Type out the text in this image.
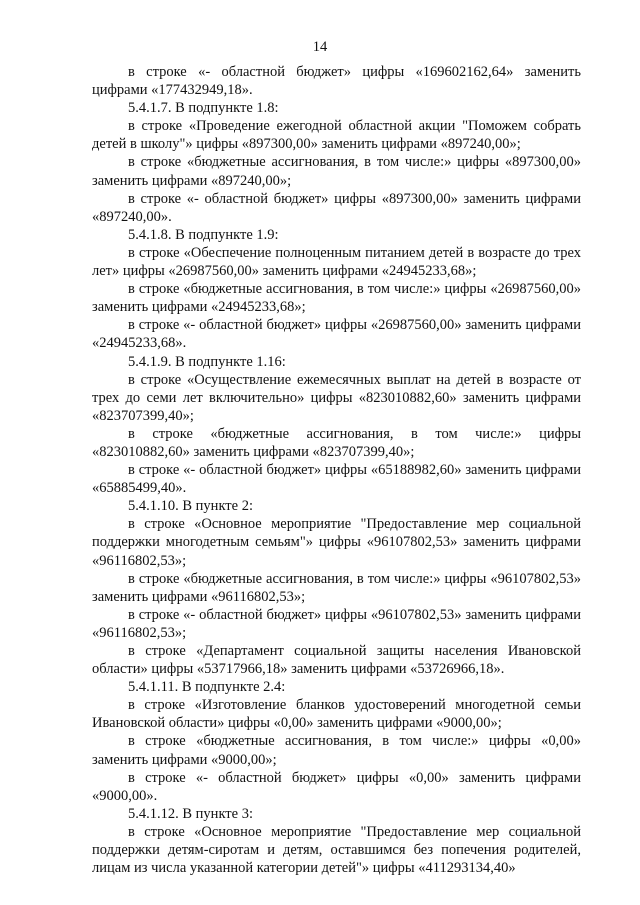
14

в строке «- областной бюджет» цифры «169602162,64» заменить цифрами «177432949,18».

5.4.1.7. В подпункте 1.8:

в строке «Проведение ежегодной областной акции "Поможем собрать детей в школу"» цифры «897300,00» заменить цифрами «897240,00»;

в строке «бюджетные ассигнования, в том числе:» цифры «897300,00» заменить цифрами «897240,00»;

в строке «- областной бюджет» цифры «897300,00» заменить цифрами «897240,00».

5.4.1.8. В подпункте 1.9:

в строке «Обеспечение полноценным питанием детей в возрасте до трех лет» цифры «26987560,00» заменить цифрами «24945233,68»;

в строке «бюджетные ассигнования, в том числе:» цифры «26987560,00» заменить цифрами «24945233,68»;

в строке «- областной бюджет» цифры «26987560,00» заменить цифрами «24945233,68».

5.4.1.9. В подпункте 1.16:

в строке «Осуществление ежемесячных выплат на детей в возрасте от трех до семи лет включительно» цифры «823010882,60» заменить цифрами «823707399,40»;

в строке «бюджетные ассигнования, в том числе:» цифры «823010882,60» заменить цифрами «823707399,40»;

в строке «- областной бюджет» цифры «65188982,60» заменить цифрами «65885499,40».

5.4.1.10. В пункте 2:

в строке «Основное мероприятие "Предоставление мер социальной поддержки многодетным семьям"» цифры «96107802,53» заменить цифрами «96116802,53»;

в строке «бюджетные ассигнования, в том числе:» цифры «96107802,53» заменить цифрами «96116802,53»;

в строке «- областной бюджет» цифры «96107802,53» заменить цифрами «96116802,53»;

в строке «Департамент социальной защиты населения Ивановской области» цифры «53717966,18» заменить цифрами «53726966,18».

5.4.1.11. В подпункте 2.4:

в строке «Изготовление бланков удостоверений многодетной семьи Ивановской области» цифры «0,00» заменить цифрами «9000,00»;

в строке «бюджетные ассигнования, в том числе:» цифры «0,00» заменить цифрами «9000,00»;

в строке «- областной бюджет» цифры «0,00» заменить цифрами «9000,00».

5.4.1.12. В пункте 3:

в строке «Основное мероприятие "Предоставление мер социальной поддержки детям-сиротам и детям, оставшимся без попечения родителей, лицам из числа указанной категории детей"» цифры «411293134,40»
